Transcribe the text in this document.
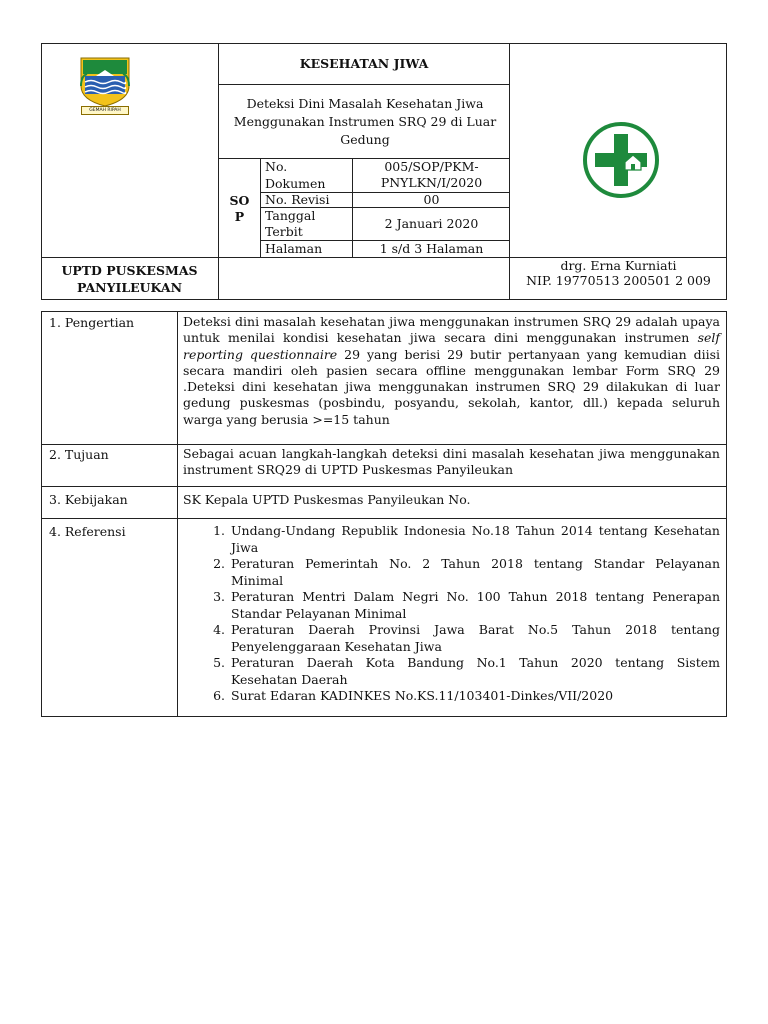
GEMAH RIPAH
KESEHATAN JIWA
Deteksi Dini Masalah Kesehatan Jiwa Menggunakan Instrumen SRQ 29 di Luar Gedung
SO
P
No. Dokumen
005/SOP/PKM-PNYLKN/I/2020
No. Revisi	00
Tanggal Terbit
2 Januari 2020
Halaman	1 s/d 3 Halaman
UPTD PUSKESMAS
PANYILEUKAN
drg. Erna Kurniati
NIP. 19770513 200501 2 009
1. Pengertian	Deteksi dini masalah kesehatan jiwa menggunakan instrumen SRQ 29 adalah upaya untuk menilai kondisi kesehatan jiwa secara dini menggunakan instrumen self reporting questionnaire 29 yang berisi 29 butir pertanyaan yang kemudian diisi secara mandiri oleh pasien secara offline menggunakan lembar Form SRQ 29 .Deteksi dini kesehatan jiwa menggunakan instrumen SRQ 29 dilakukan di luar gedung puskesmas (posbindu, posyandu, sekolah, kantor, dll.) kepada seluruh warga yang berusia >=15 tahun
2. Tujuan	Sebagai acuan langkah-langkah deteksi dini masalah kesehatan jiwa menggunakan instrument SRQ29 di UPTD Puskesmas Panyileukan
3. Kebijakan	SK Kepala UPTD Puskesmas Panyileukan No.
4. Referensi	1. Undang-Undang Republik Indonesia No.18 Tahun 2014 tentang Kesehatan Jiwa
2. Peraturan Pemerintah No. 2 Tahun 2018 tentang Standar Pelayanan Minimal
3. Peraturan Mentri Dalam Negri No. 100 Tahun 2018 tentang Penerapan Standar Pelayanan Minimal
4. Peraturan Daerah Provinsi Jawa Barat No.5 Tahun 2018 tentang Penyelenggaraan Kesehatan Jiwa
5. Peraturan Daerah Kota Bandung No.1 Tahun 2020 tentang Sistem Kesehatan Daerah
6. Surat Edaran KADINKES No.KS.11/103401-Dinkes/VII/2020
